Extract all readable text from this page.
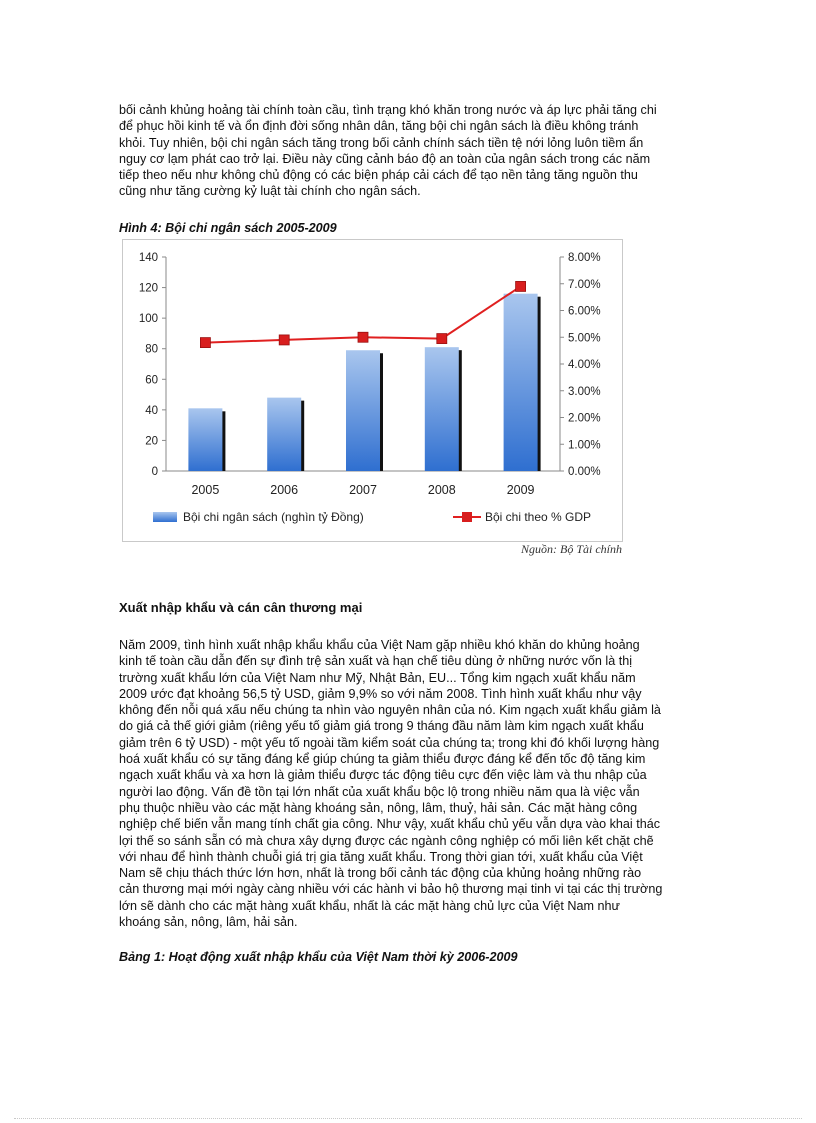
bối cảnh khủng hoảng tài chính toàn cầu, tình trạng khó khăn trong nước và áp lực phải tăng chi
để phục hồi kinh tế và ổn định đời sống nhân dân, tăng bội chi ngân sách là điều không tránh
khỏi. Tuy nhiên, bội chi ngân sách tăng trong bối cảnh chính sách tiền tệ nới lỏng luôn tiềm ẩn
nguy cơ lạm phát cao trở lại. Điều này cũng cảnh báo độ an toàn của ngân sách trong các năm
tiếp theo nếu như không chủ động có các biện pháp cải cách để tạo nền tảng tăng nguồn thu
cũng như tăng cường kỷ luật tài chính cho ngân sách.

Hình 4: Bội chi ngân sách 2005-2009

0
20
40
60
80
100
120
140
0.00%
1.00%
2.00%
3.00%
4.00%
5.00%
6.00%
7.00%
8.00%
2005	2006	2007	2008	2009
Bội chi ngân sách (nghìn tỷ Đồng)	Bội chi theo % GDP

Nguồn: Bộ Tài chính

Xuất nhập khẩu và cán cân thương mại

Năm 2009, tình hình xuất nhập khẩu khẩu của Việt Nam gặp nhiều khó khăn do khủng hoảng
kinh tế toàn cầu dẫn đến sự đình trệ sản xuất và hạn chế tiêu dùng ở những nước vốn là thị
trường xuất khẩu lớn của Việt Nam như Mỹ, Nhật Bản, EU... Tổng kim ngạch xuất khẩu năm
2009 ước đạt khoảng 56,5 tỷ USD, giảm 9,9% so với năm 2008. Tình hình xuất khẩu như vậy
không đến nỗi quá xấu nếu chúng ta nhìn vào nguyên nhân của nó. Kim ngạch xuất khẩu giảm là
do giá cả thế giới giảm (riêng yếu tố giảm giá trong 9 tháng đầu năm làm kim ngạch xuất khẩu
giảm trên 6 tỷ USD) - một yếu tố ngoài tầm kiểm soát của chúng ta; trong khi đó khối lượng hàng
hoá xuất khẩu có sự tăng đáng kể giúp chúng ta giảm thiểu được đáng kể đến tốc độ tăng kim
ngạch xuất khẩu và xa hơn là giảm thiểu được tác động tiêu cực đến việc làm và thu nhập của
người lao động. Vấn đề tồn tại lớn nhất của xuất khẩu bộc lộ trong nhiều năm qua là việc vẫn
phụ thuộc nhiều vào các mặt hàng khoáng sản, nông, lâm, thuỷ, hải sản. Các mặt hàng công
nghiệp chế biến vẫn mang tính chất gia công. Như vậy, xuất khẩu chủ yếu vẫn dựa vào khai thác
lợi thế so sánh sẵn có mà chưa xây dựng được các ngành công nghiệp có mối liên kết chặt chẽ
với nhau để hình thành chuỗi giá trị gia tăng xuất khẩu. Trong thời gian tới, xuất khẩu của Việt
Nam sẽ chịu thách thức lớn hơn, nhất là trong bối cảnh tác động của khủng hoảng những rào
cản thương mại mới ngày càng nhiều với các hành vi bảo hộ thương mại tinh vi tại các thị trường
lớn sẽ dành cho các mặt hàng xuất khẩu, nhất là các mặt hàng chủ lực của Việt Nam như
khoáng sản, nông, lâm, hải sản.

Bảng 1: Hoạt động xuất nhập khẩu của Việt Nam thời kỳ 2006-2009
